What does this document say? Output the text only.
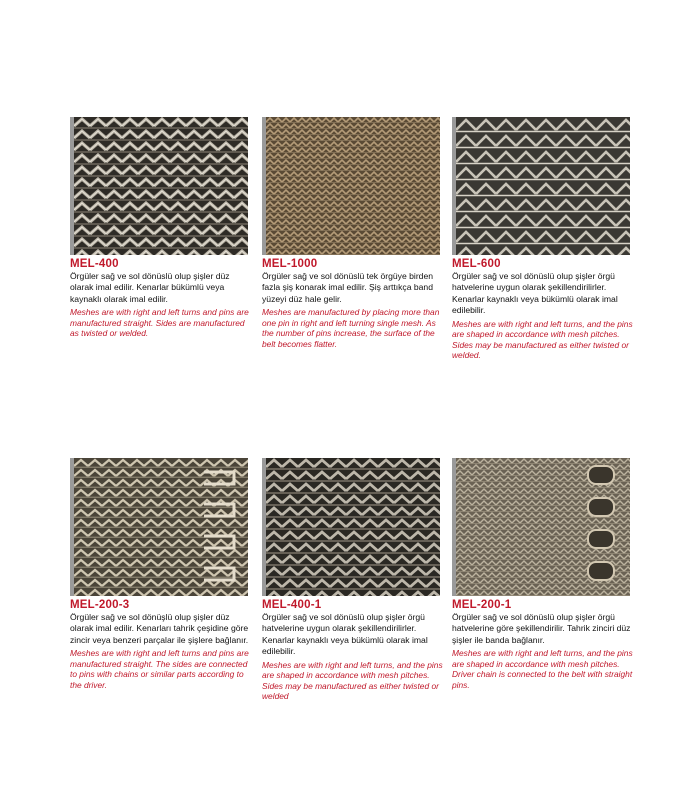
MEL-400

Örgüler sağ ve sol dönüslü olup şişler düz olarak imal edilir. Kenarlar bükümlü veya kaynaklı olarak imal edilir.

Meshes are with right and left turns and pins are manufactured straight. Sides are manufactured as twisted or welded.

MEL-1000

Örgüler sağ ve sol dönüslü tek örgüye birden fazla şiş konarak imal edilir. Şiş arttıkça band yüzeyi düz hale gelir.

Meshes are manufactured by placing more than one pin in right and left turning single mesh. As the number of pins increase, the surface of the belt becomes flatter.

MEL-600

Örgüler sağ ve sol dönüslü olup şişler örgü hatvelerine uygun olarak şekillendirilirler. Kenarlar kaynaklı veya bükümlü olarak imal edilebilir.

Meshes are with right and left turns, and the pins are shaped in accordance with mesh pitches. Sides may be manufactured as either twisted or welded.

MEL-200-3

Örgüler sağ ve sol dönüşlü olup şişler düz olarak imal edilir. Kenarları tahrik çeşidine göre zincir veya benzeri parçalar ile şişlere bağlanır.

Meshes are with right and left turns and pins are manufactured straight. The sides are connected to pins with chains or similar parts according to the driver.

MEL-400-1

Örgüler sağ ve sol dönüslü olup şişler örgü hatvelerine uygun olarak şekillendirilirler. Kenarlar kaynaklı veya bükümlü olarak imal edilebilir.

Meshes are with right and left turns, and the pins are shaped in accordance with mesh pitches. Sides may be manufactured as either twisted or welded

MEL-200-1

Örgüler sağ ve sol dönüslü olup şişler örgü hatvelerine göre şekillendirilir. Tahrik zinciri düz şişler ile banda bağlanır.

Meshes are with right and left turns, and the pins are shaped in accordance with mesh pitches. Driver chain is connected to the belt with straight pins.
